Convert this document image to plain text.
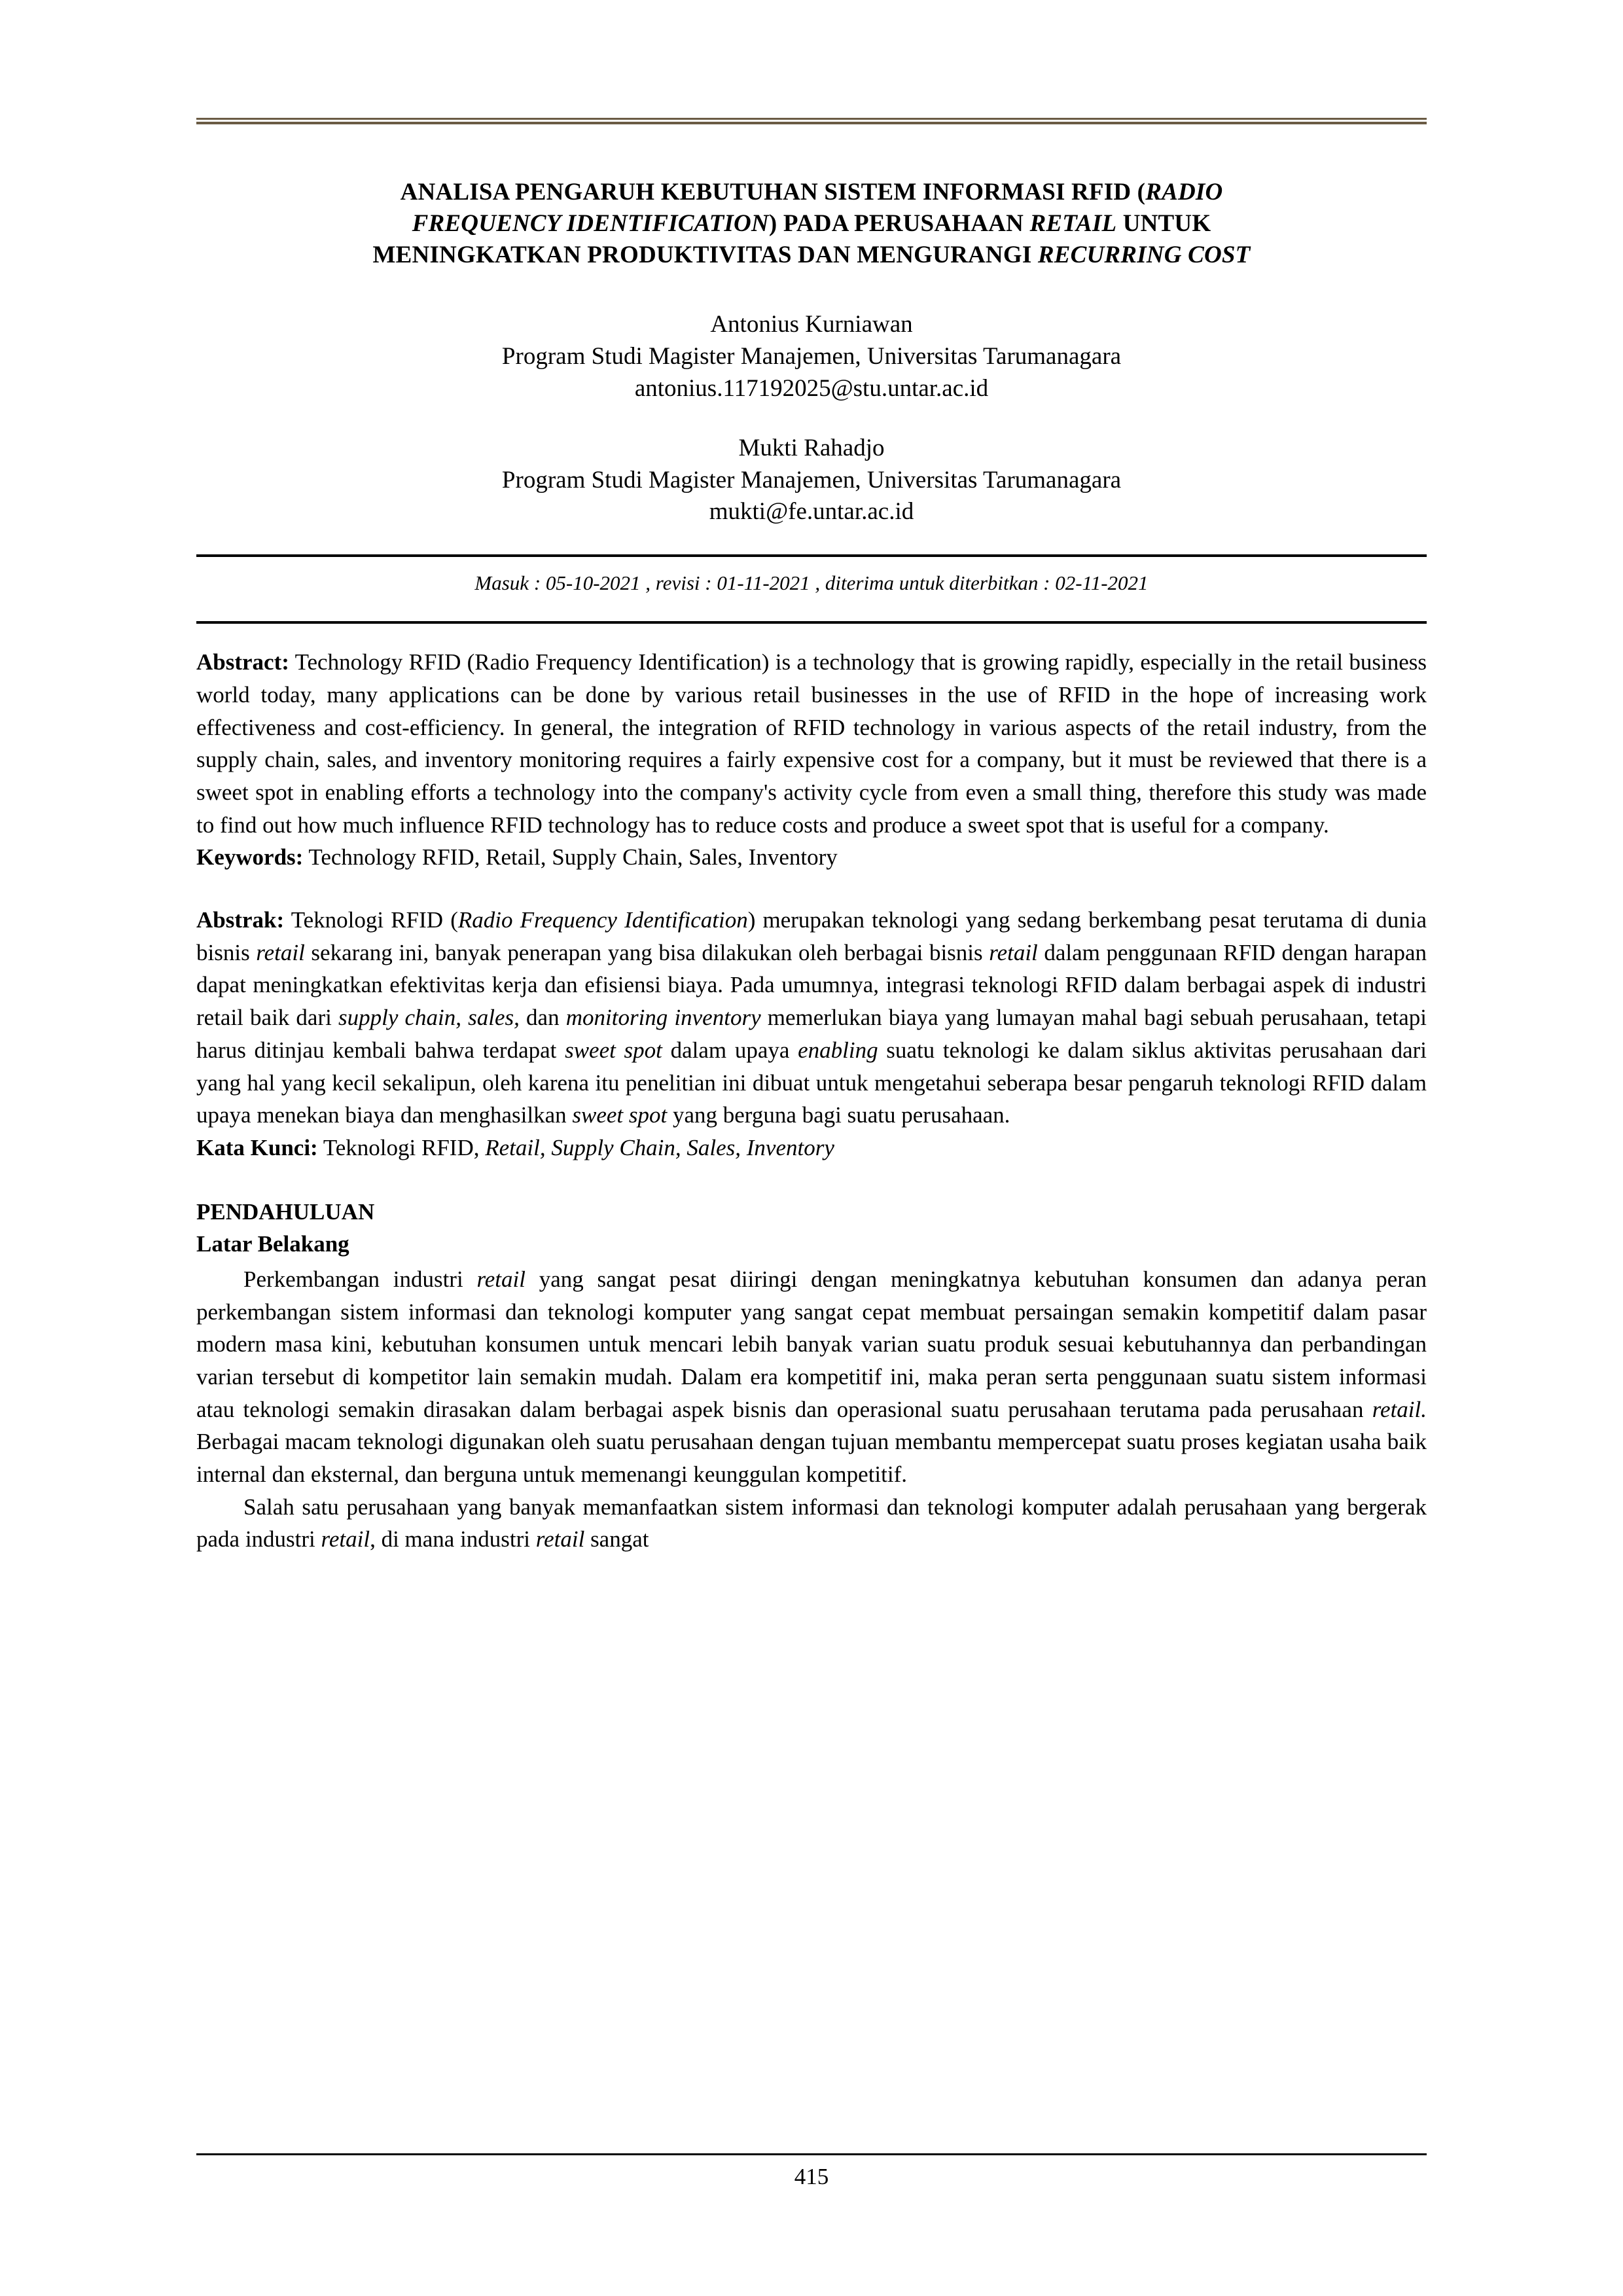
ANALISA PENGARUH KEBUTUHAN SISTEM INFORMASI RFID (RADIO
FREQUENCY IDENTIFICATION) PADA PERUSAHAAN RETAIL UNTUK
MENINGKATKAN PRODUKTIVITAS DAN MENGURANGI RECURRING COST
Antonius Kurniawan
Program Studi Magister Manajemen, Universitas Tarumanagara
antonius.117192025@stu.untar.ac.id
Mukti Rahadjo
Program Studi Magister Manajemen, Universitas Tarumanagara
mukti@fe.untar.ac.id
Masuk : 05-10-2021 , revisi : 01-11-2021 , diterima untuk diterbitkan : 02-11-2021
Abstract: Technology RFID (Radio Frequency Identification) is a technology that is growing rapidly, especially in the retail business world today, many applications can be done by various retail businesses in the use of RFID in the hope of increasing work effectiveness and cost-efficiency. In general, the integration of RFID technology in various aspects of the retail industry, from the supply chain, sales, and inventory monitoring requires a fairly expensive cost for a company, but it must be reviewed that there is a sweet spot in enabling efforts a technology into the company's activity cycle from even a small thing, therefore this study was made to find out how much influence RFID technology has to reduce costs and produce a sweet spot that is useful for a company.
Keywords: Technology RFID, Retail, Supply Chain, Sales, Inventory
Abstrak: Teknologi RFID (Radio Frequency Identification) merupakan teknologi yang sedang berkembang pesat terutama di dunia bisnis retail sekarang ini, banyak penerapan yang bisa dilakukan oleh berbagai bisnis retail dalam penggunaan RFID dengan harapan dapat meningkatkan efektivitas kerja dan efisiensi biaya. Pada umumnya, integrasi teknologi RFID dalam berbagai aspek di industri retail baik dari supply chain, sales, dan monitoring inventory memerlukan biaya yang lumayan mahal bagi sebuah perusahaan, tetapi harus ditinjau kembali bahwa terdapat sweet spot dalam upaya enabling suatu teknologi ke dalam siklus aktivitas perusahaan dari yang hal yang kecil sekalipun, oleh karena itu penelitian ini dibuat untuk mengetahui seberapa besar pengaruh teknologi RFID dalam upaya menekan biaya dan menghasilkan sweet spot yang berguna bagi suatu perusahaan.
Kata Kunci: Teknologi RFID, Retail, Supply Chain, Sales, Inventory
PENDAHULUAN
Latar Belakang
Perkembangan industri retail yang sangat pesat diiringi dengan meningkatnya kebutuhan konsumen dan adanya peran perkembangan sistem informasi dan teknologi komputer yang sangat cepat membuat persaingan semakin kompetitif dalam pasar modern masa kini, kebutuhan konsumen untuk mencari lebih banyak varian suatu produk sesuai kebutuhannya dan perbandingan varian tersebut di kompetitor lain semakin mudah. Dalam era kompetitif ini, maka peran serta penggunaan suatu sistem informasi atau teknologi semakin dirasakan dalam berbagai aspek bisnis dan operasional suatu perusahaan terutama pada perusahaan retail. Berbagai macam teknologi digunakan oleh suatu perusahaan dengan tujuan membantu mempercepat suatu proses kegiatan usaha baik internal dan eksternal, dan berguna untuk memenangi keunggulan kompetitif.
Salah satu perusahaan yang banyak memanfaatkan sistem informasi dan teknologi komputer adalah perusahaan yang bergerak pada industri retail, di mana industri retail sangat
415
